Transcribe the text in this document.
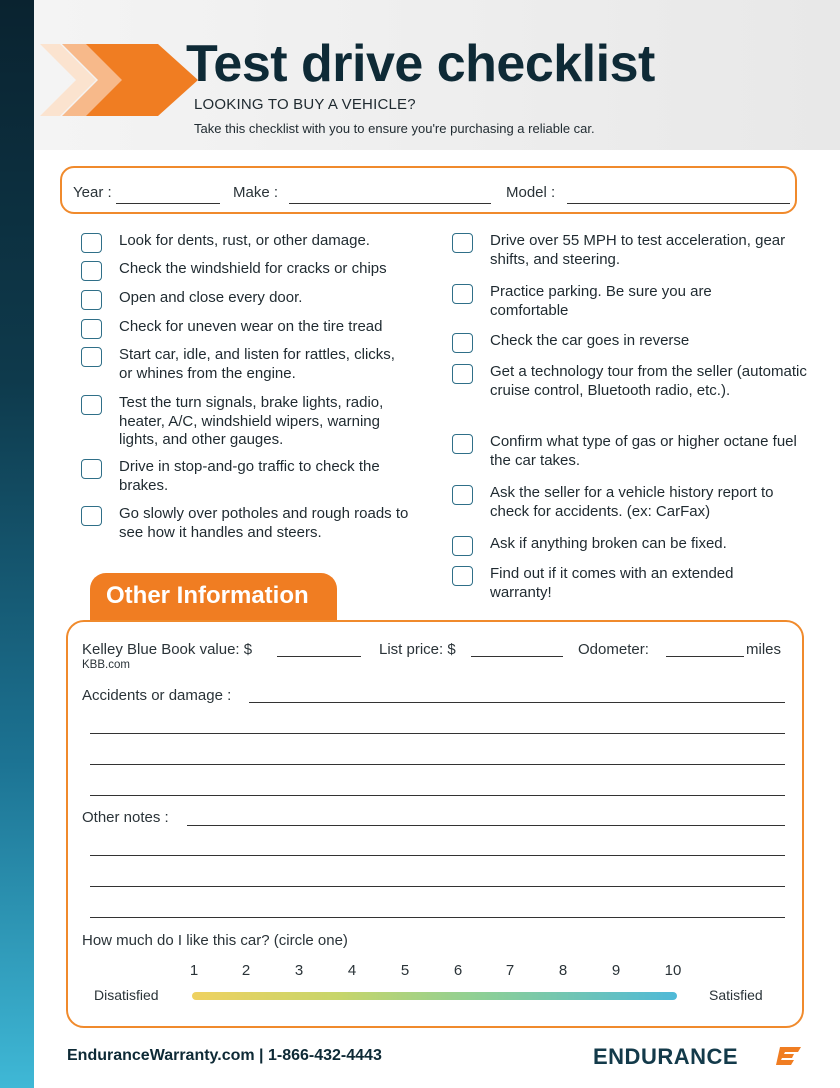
Test drive checklist
LOOKING TO BUY A VEHICLE?
Take this checklist with you to ensure you're purchasing a reliable car.
Year :	Make :	Model :
Look for dents, rust, or other damage.
Check the windshield for cracks or chips
Open and close every door.
Check for uneven wear on the tire tread
Start car, idle, and listen for rattles, clicks, or whines from the engine.
Test the turn signals, brake lights, radio, heater, A/C, windshield wipers, warning lights, and other gauges.
Drive in stop-and-go traffic to check the brakes.
Go slowly over potholes and rough roads to see how it handles and steers.
Drive over 55 MPH to test acceleration, gear shifts, and steering.
Practice parking. Be sure you are comfortable
Check the car goes in reverse
Get a technology tour from the seller (automatic cruise control, Bluetooth radio, etc.).
Confirm what type of gas or higher octane fuel the car takes.
Ask the seller for a vehicle history report to check for accidents. (ex: CarFax)
Ask if anything broken can be fixed.
Find out if it comes with an extended warranty!
Other Information
Kelley Blue Book value: $
KBB.com
List price: $	Odometer:	miles
Accidents or damage :
Other notes :
How much do I like this car? (circle one)
1	2	3	4	5	6	7	8	9	10
Disatisfied	Satisfied
EnduranceWarranty.com | 1-866-432-4443	ENDURANCE
